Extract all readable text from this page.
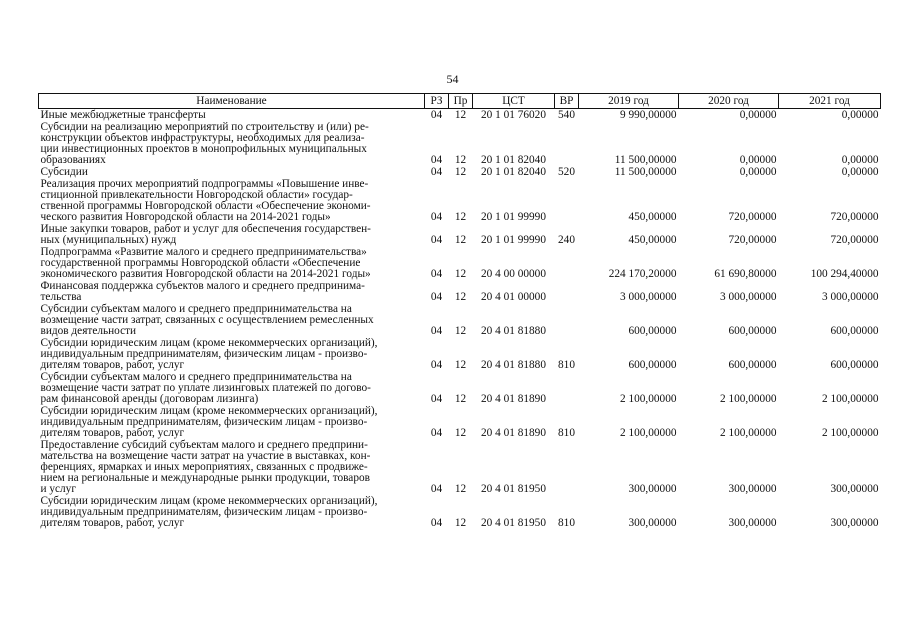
54
Наименование	РЗ	Пр	ЦСТ	ВР	2019 год	2020 год	2021 год

Иные межбюджетные трансферты	04	12	20 1 01 76020	540	9 990,00000	0,00000	0,00000

Субсидии на реализацию мероприятий по строительству и (или) ре-
конструкции объектов инфраструктуры, необходимых для реализа-
ции инвестиционных проектов в монопрофильных муниципальных
образованиях	04	12	20 1 01 82040		11 500,00000	0,00000	0,00000

Субсидии	04	12	20 1 01 82040	520	11 500,00000	0,00000	0,00000

Реализация прочих мероприятий подпрограммы «Повышение инве-
стиционной привлекательности Новгородской области» государ-
ственной программы Новгородской области «Обеспечение экономи-
ческого развития Новгородской области на 2014-2021 годы»	04	12	20 1 01 99990		450,00000	720,00000	720,00000

Иные закупки товаров, работ и услуг для обеспечения государствен-
ных (муниципальных) нужд	04	12	20 1 01 99990	240	450,00000	720,00000	720,00000

Подпрограмма «Развитие малого и среднего предпринимательства»
государственной программы Новгородской области «Обеспечение
экономического развития Новгородской области на 2014-2021 годы»	04	12	20 4 00 00000		224 170,20000	61 690,80000	100 294,40000

Финансовая поддержка субъектов малого и среднего предпринима-
тельства	04	12	20 4 01 00000		3 000,00000	3 000,00000	3 000,00000

Субсидии субъектам малого и среднего предпринимательства на
возмещение части затрат, связанных с осуществлением ремесленных
видов деятельности	04	12	20 4 01 81880		600,00000	600,00000	600,00000

Субсидии юридическим лицам (кроме некоммерческих организаций),
индивидуальным предпринимателям, физическим лицам - произво-
дителям товаров, работ, услуг	04	12	20 4 01 81880	810	600,00000	600,00000	600,00000

Субсидии субъектам малого и среднего предпринимательства на
возмещение части затрат по уплате лизинговых платежей по догово-
рам финансовой аренды (договорам лизинга)	04	12	20 4 01 81890		2 100,00000	2 100,00000	2 100,00000

Субсидии юридическим лицам (кроме некоммерческих организаций),
индивидуальным предпринимателям, физическим лицам - произво-
дителям товаров, работ, услуг	04	12	20 4 01 81890	810	2 100,00000	2 100,00000	2 100,00000

Предоставление субсидий субъектам малого и среднего предприни-
мательства на возмещение части затрат на участие в выставках, кон-
ференциях, ярмарках и иных мероприятиях, связанных с продвиже-
нием на региональные и международные рынки продукции, товаров
и услуг	04	12	20 4 01 81950		300,00000	300,00000	300,00000

Субсидии юридическим лицам (кроме некоммерческих организаций),
индивидуальным предпринимателям, физическим лицам - произво-
дителям товаров, работ, услуг	04	12	20 4 01 81950	810	300,00000	300,00000	300,00000
